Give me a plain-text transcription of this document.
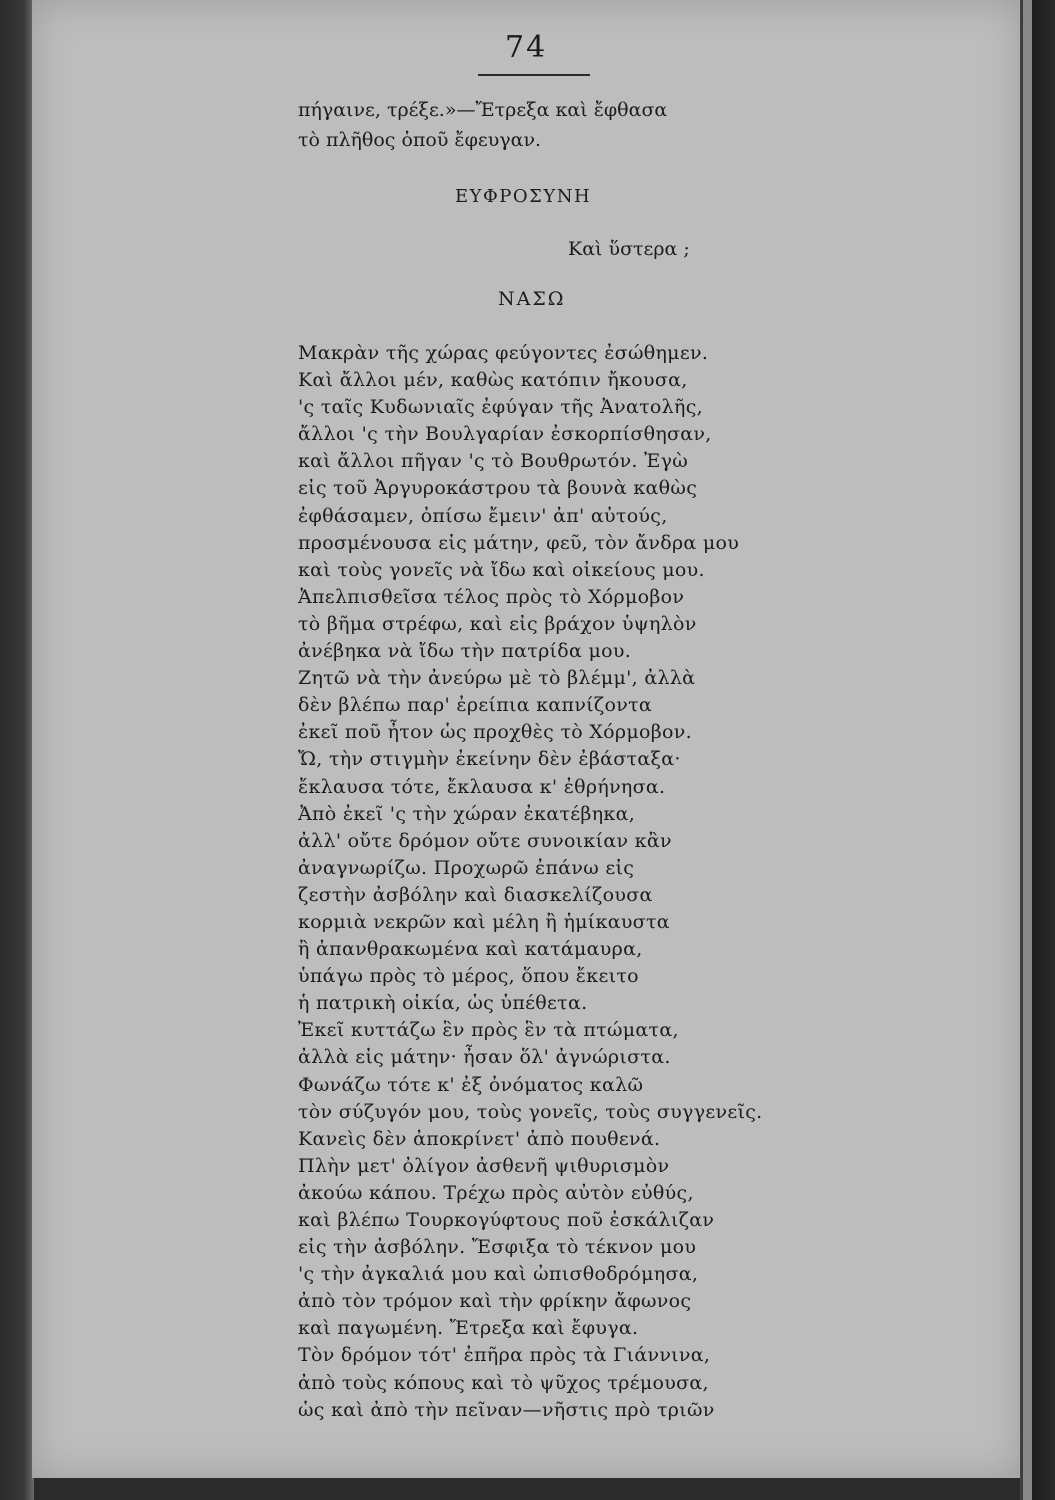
74
πήγαινε, τρέξε.»—Ἔτρεξα καὶ ἔφθασα
τὸ πλῆθος ὁποῦ ἔφευγαν.
ΕΥΦΡΟΣΥΝΗ
Καὶ ὕστερα ;
ΝΑΣΩ
Μακρὰν τῆς χώρας φεύγοντες ἐσώθημεν.
Καὶ ἄλλοι μέν, καθὼς κατόπιν ἤκουσα,
'ς ταῖς Κυδωνιαῖς ἐφύγαν τῆς Ἀνατολῆς,
ἄλλοι 'ς τὴν Βουλγαρίαν ἐσκορπίσθησαν,
καὶ ἄλλοι πῆγαν 'ς τὸ Βουθρωτόν. Ἐγὼ
εἰς τοῦ Ἀργυροκάστρου τὰ βουνὰ καθὼς
ἐφθάσαμεν, ὀπίσω ἔμειν' ἀπ' αὐτούς,
προσμένουσα εἰς μάτην, φεῦ, τὸν ἄνδρα μου
καὶ τοὺς γονεῖς νὰ ἴδω καὶ οἰκείους μου.
Ἀπελπισθεῖσα τέλος πρὸς τὸ Χόρμοβον
τὸ βῆμα στρέφω, καὶ εἰς βράχον ὑψηλὸν
ἀνέβηκα νὰ ἴδω τὴν πατρίδα μου.
Ζητῶ νὰ τὴν ἀνεύρω μὲ τὸ βλέμμ', ἀλλὰ
δὲν βλέπω παρ' ἐρείπια καπνίζοντα
ἐκεῖ ποῦ ἦτον ὡς προχθὲς τὸ Χόρμοβον.
Ὤ, τὴν στιγμὴν ἐκείνην δὲν ἐβάσταξα·
ἔκλαυσα τότε, ἔκλαυσα κ' ἐθρήνησα.
Ἀπὸ ἐκεῖ 'ς τὴν χώραν ἐκατέβηκα,
ἀλλ' οὔτε δρόμον οὔτε συνοικίαν κἂν
ἀναγνωρίζω. Προχωρῶ ἐπάνω εἰς
ζεστὴν ἀσβόλην καὶ διασκελίζουσα
κορμιὰ νεκρῶν καὶ μέλη ἢ ἡμίκαυστα
ἢ ἀπανθρακωμένα καὶ κατάμαυρα,
ὑπάγω πρὸς τὸ μέρος, ὅπου ἔκειτο
ἡ πατρικὴ οἰκία, ὡς ὑπέθετα.
Ἐκεῖ κυττάζω ἓν πρὸς ἓν τὰ πτώματα,
ἀλλὰ εἰς μάτην· ἦσαν ὅλ' ἀγνώριστα.
Φωνάζω τότε κ' ἐξ ὀνόματος καλῶ
τὸν σύζυγόν μου, τοὺς γονεῖς, τοὺς συγγενεῖς.
Κανεὶς δὲν ἀποκρίνετ' ἀπὸ πουθενά.
Πλὴν μετ' ὀλίγον ἀσθενῆ ψιθυρισμὸν
ἀκούω κάπου. Τρέχω πρὸς αὐτὸν εὐθύς,
καὶ βλέπω Τουρκογύφτους ποῦ ἐσκάλιζαν
εἰς τὴν ἀσβόλην. Ἔσφιξα τὸ τέκνον μου
'ς τὴν ἀγκαλιά μου καὶ ὠπισθοδρόμησα,
ἀπὸ τὸν τρόμον καὶ τὴν φρίκην ἄφωνος
καὶ παγωμένη. Ἔτρεξα καὶ ἔφυγα.
Τὸν δρόμον τότ' ἐπῆρα πρὸς τὰ Γιάννινα,
ἀπὸ τοὺς κόπους καὶ τὸ ψῦχος τρέμουσα,
ὡς καὶ ἀπὸ τὴν πεῖναν—νῆστις πρὸ τριῶν
